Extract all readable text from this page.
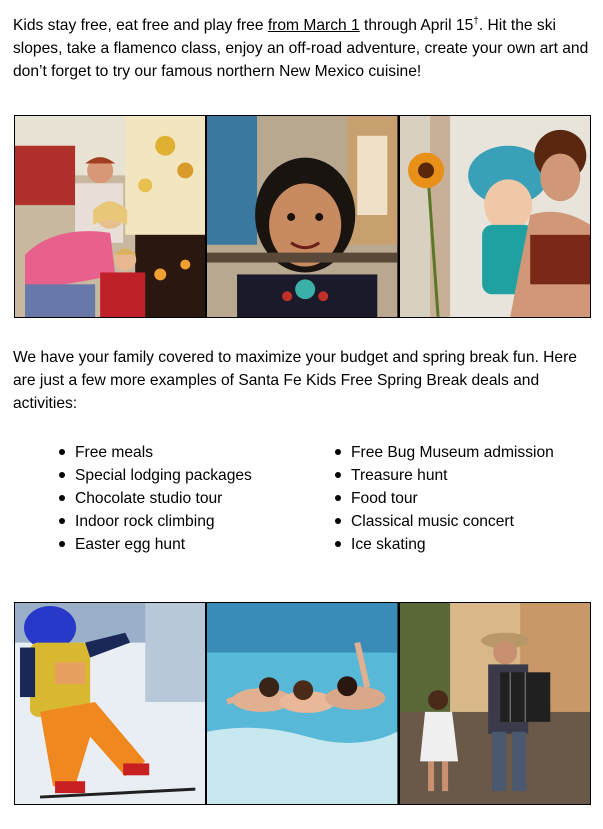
Kids stay free, eat free and play free from March 1 through April 15†. Hit the ski slopes, take a flamenco class, enjoy an off-road adventure, create your own art and don’t forget to try our famous northern New Mexico cuisine!

We have your family covered to maximize your budget and spring break fun. Here are just a few more examples of Santa Fe Kids Free Spring Break deals and activities:

Free meals
Special lodging packages
Chocolate studio tour
Indoor rock climbing
Easter egg hunt
Free Bug Museum admission
Treasure hunt
Food tour
Classical music concert
Ice skating
